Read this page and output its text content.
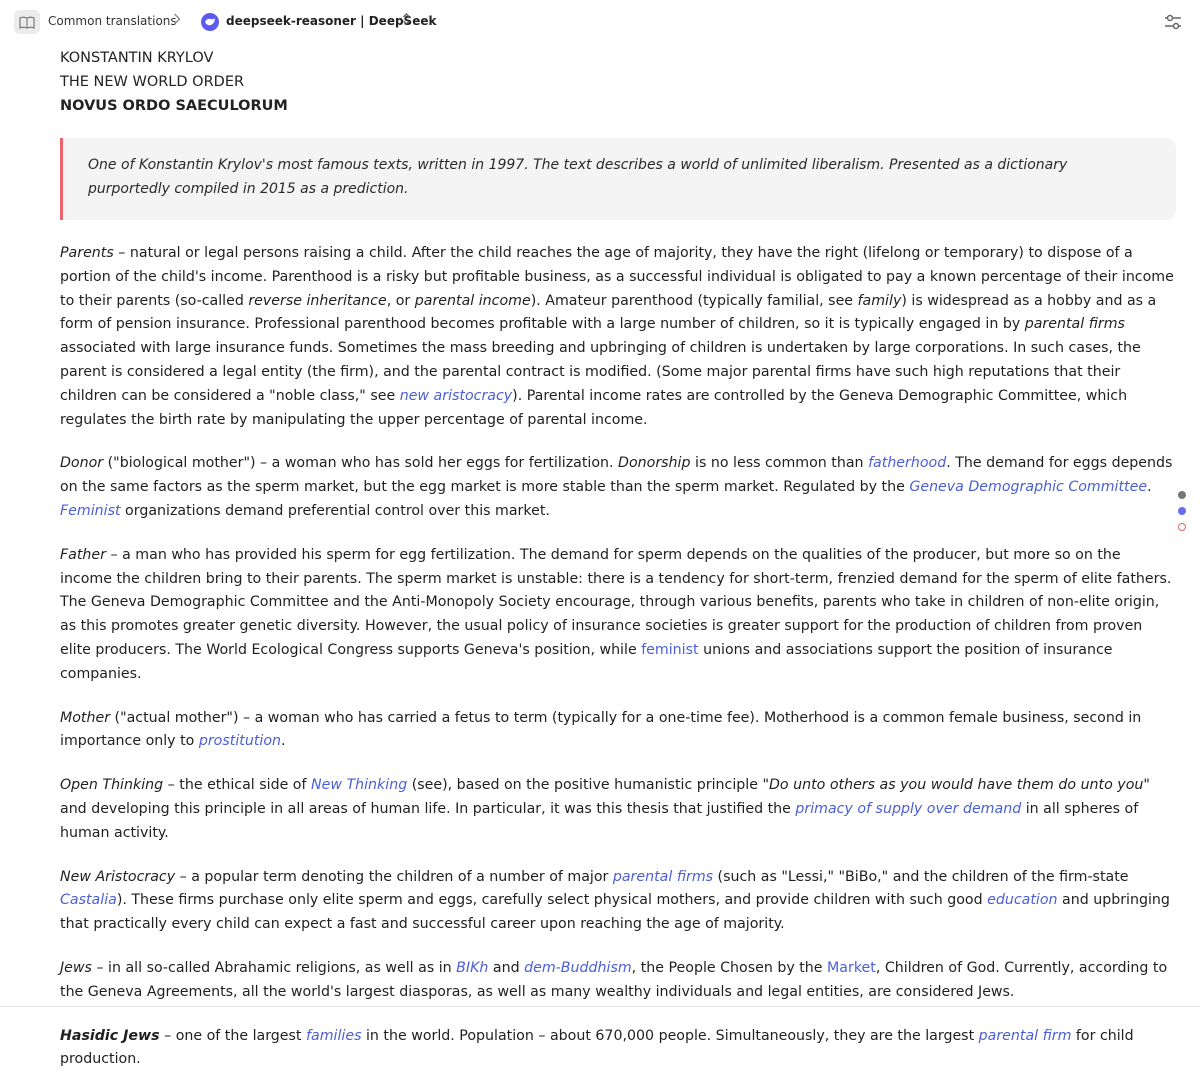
Common translations	deepseek-reasoner | DeepSeek
KONSTANTIN KRYLOV
THE NEW WORLD ORDER
NOVUS ORDO SAECULORUM
One of Konstantin Krylov's most famous texts, written in 1997. The text describes a world of unlimited liberalism. Presented as a dictionary purportedly compiled in 2015 as a prediction.

Parents – natural or legal persons raising a child. After the child reaches the age of majority, they have the right (lifelong or temporary) to dispose of a portion of the child's income. Parenthood is a risky but profitable business, as a successful individual is obligated to pay a known percentage of their income to their parents (so-called reverse inheritance, or parental income). Amateur parenthood (typically familial, see family) is widespread as a hobby and as a form of pension insurance. Professional parenthood becomes profitable with a large number of children, so it is typically engaged in by parental firms associated with large insurance funds. Sometimes the mass breeding and upbringing of children is undertaken by large corporations. In such cases, the parent is considered a legal entity (the firm), and the parental contract is modified. (Some major parental firms have such high reputations that their children can be considered a "noble class," see new aristocracy). Parental income rates are controlled by the Geneva Demographic Committee, which regulates the birth rate by manipulating the upper percentage of parental income.

Donor ("biological mother") – a woman who has sold her eggs for fertilization. Donorship is no less common than fatherhood. The demand for eggs depends on the same factors as the sperm market, but the egg market is more stable than the sperm market. Regulated by the Geneva Demographic Committee. Feminist organizations demand preferential control over this market.

Father – a man who has provided his sperm for egg fertilization. The demand for sperm depends on the qualities of the producer, but more so on the income the children bring to their parents. The sperm market is unstable: there is a tendency for short-term, frenzied demand for the sperm of elite fathers. The Geneva Demographic Committee and the Anti-Monopoly Society encourage, through various benefits, parents who take in children of non-elite origin, as this promotes greater genetic diversity. However, the usual policy of insurance societies is greater support for the production of children from proven elite producers. The World Ecological Congress supports Geneva's position, while feminist unions and associations support the position of insurance companies.

Mother ("actual mother") – a woman who has carried a fetus to term (typically for a one-time fee). Motherhood is a common female business, second in importance only to prostitution.

Open Thinking – the ethical side of New Thinking (see), based on the positive humanistic principle "Do unto others as you would have them do unto you" and developing this principle in all areas of human life. In particular, it was this thesis that justified the primacy of supply over demand in all spheres of human activity.

New Aristocracy – a popular term denoting the children of a number of major parental firms (such as "Lessi," "BiBo," and the children of the firm-state Castalia). These firms purchase only elite sperm and eggs, carefully select physical mothers, and provide children with such good education and upbringing that practically every child can expect a fast and successful career upon reaching the age of majority.

Jews – in all so-called Abrahamic religions, as well as in BIKh and dem-Buddhism, the People Chosen by the Market, Children of God. Currently, according to the Geneva Agreements, all the world's largest diasporas, as well as many wealthy individuals and legal entities, are considered Jews.

Hasidic Jews – one of the largest families in the world. Population – about 670,000 people. Simultaneously, they are the largest parental firm for child production.
